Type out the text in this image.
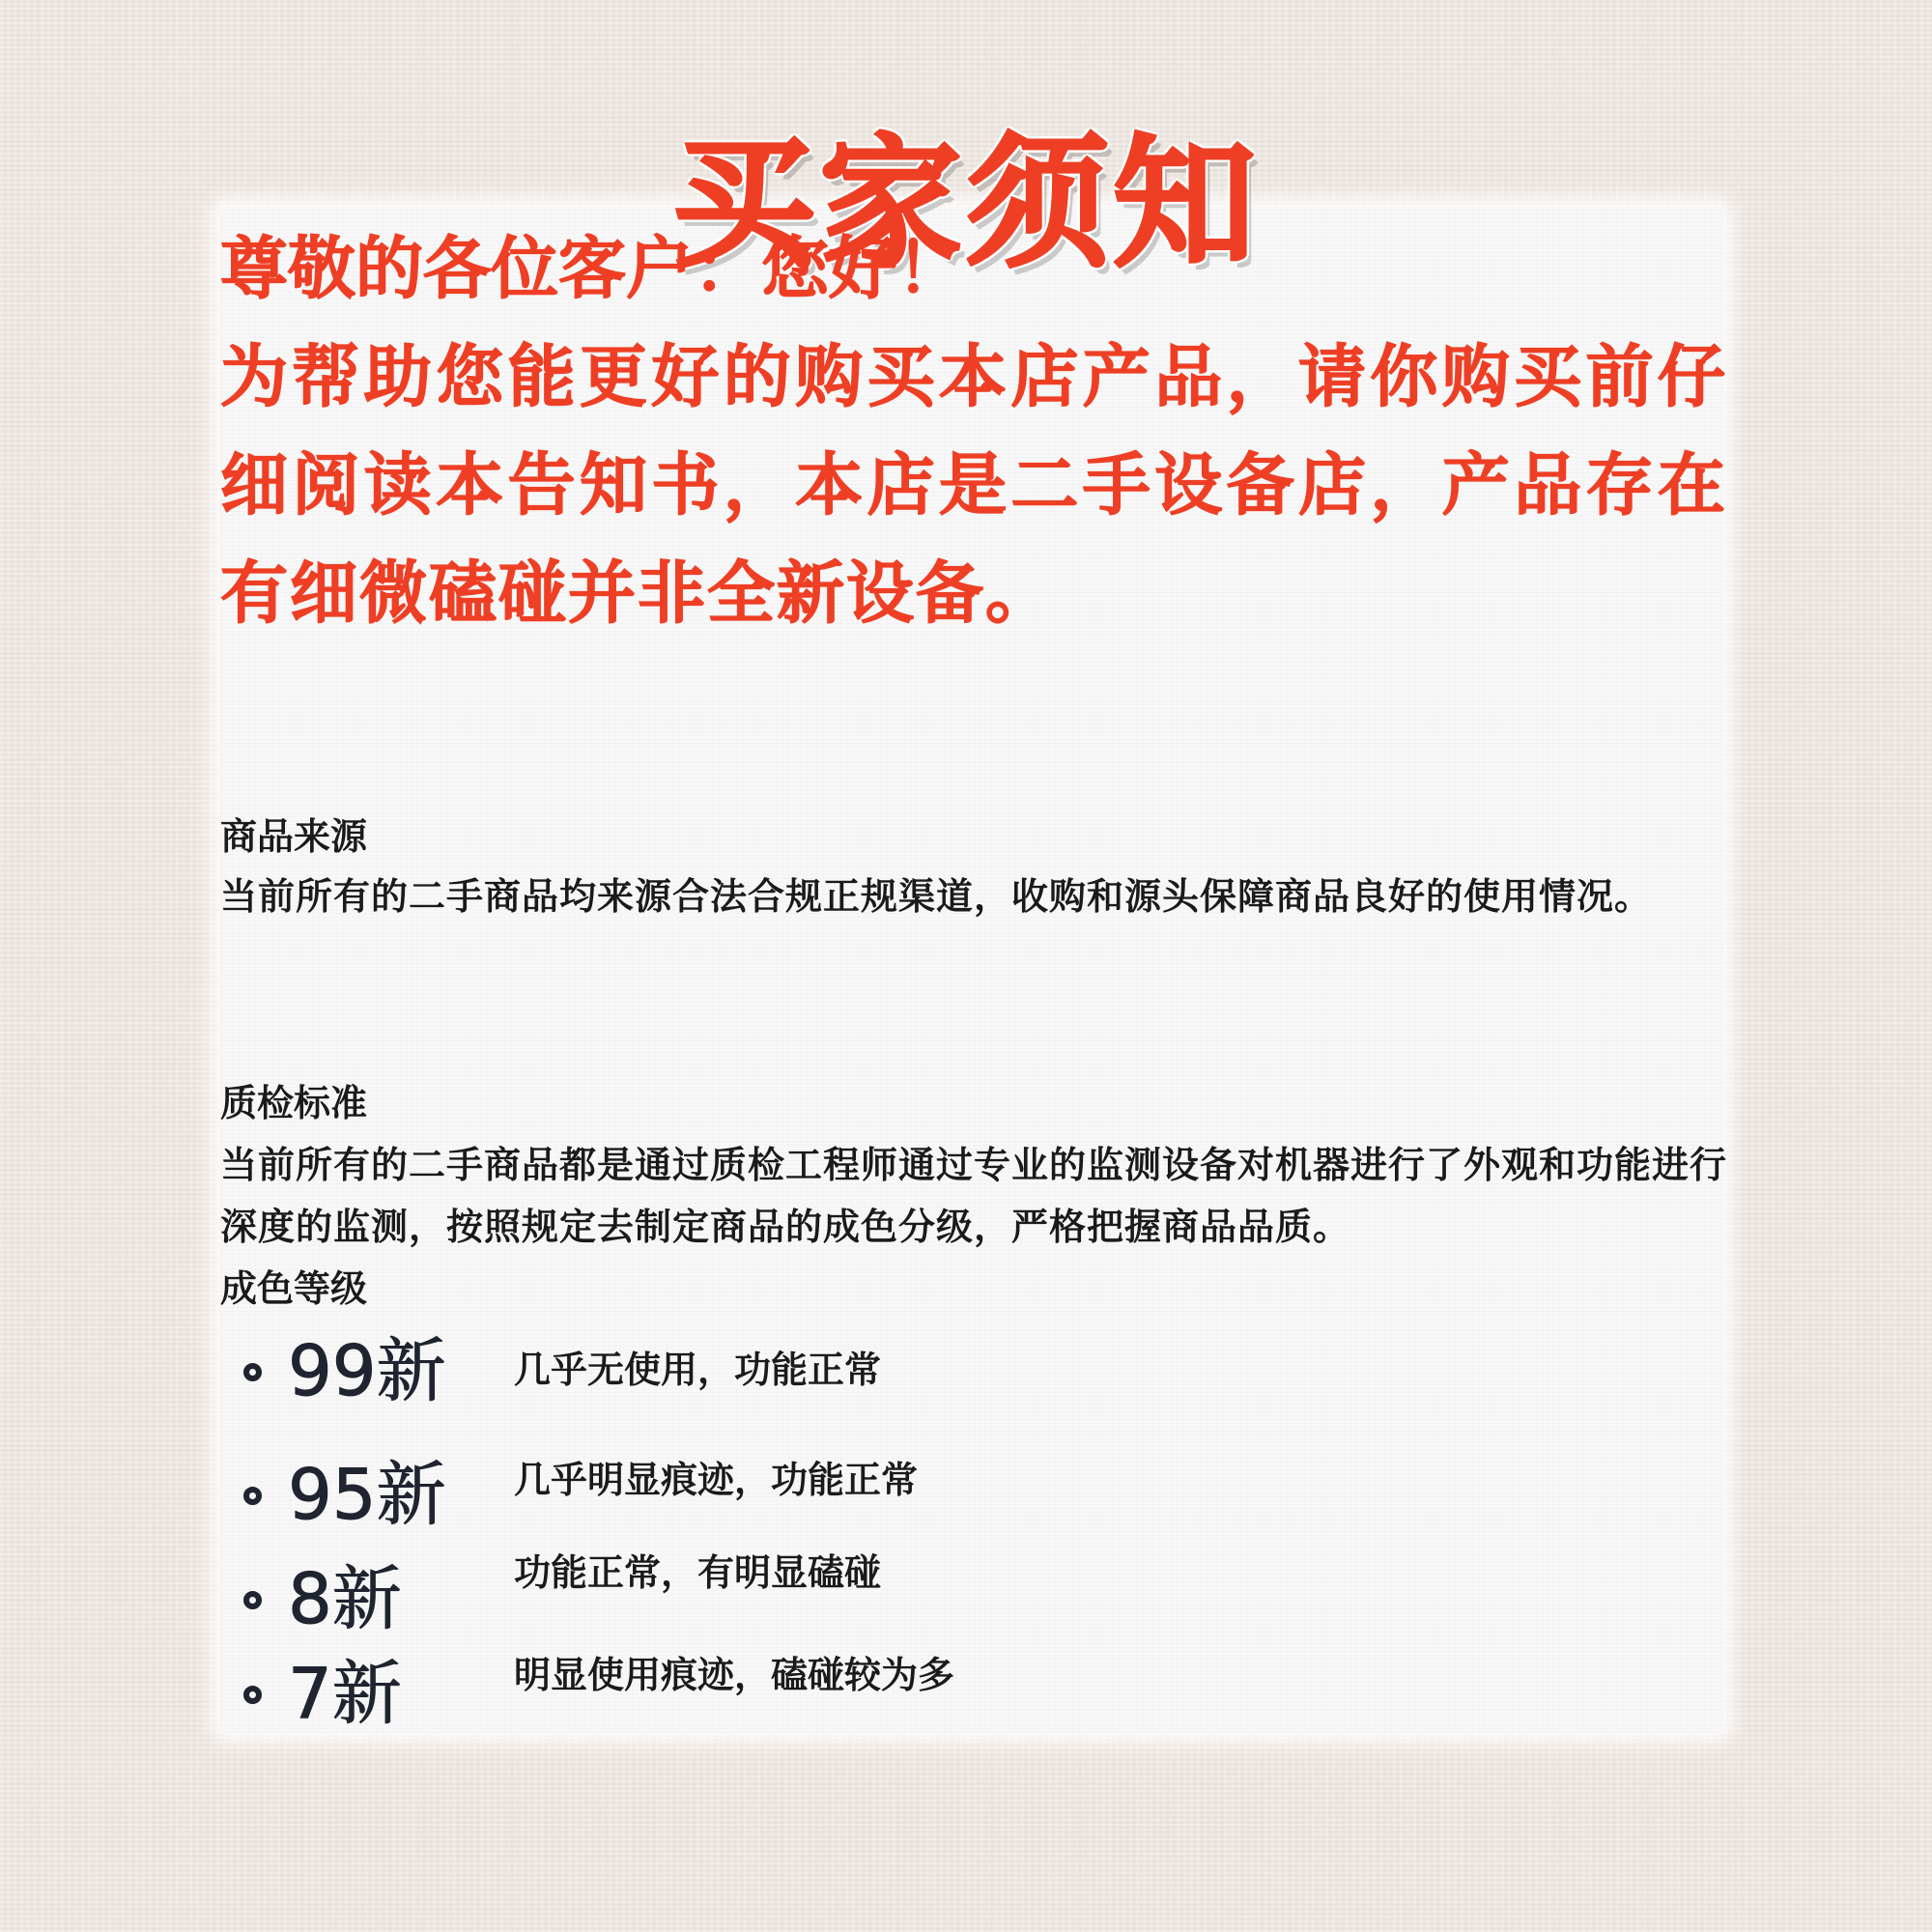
买家须知

尊敬的各位客户：您好！

为帮助您能更好的购买本店产品，请你购买前仔细阅读本告知书，本店是二手设备店，产品存在有细微磕碰并非全新设备。

商品来源

当前所有的二手商品均来源合法合规正规渠道，收购和源头保障商品良好的使用情况。

质检标准

当前所有的二手商品都是通过质检工程师通过专业的监测设备对机器进行了外观和功能进行深度的监测，按照规定去制定商品的成色分级，严格把握商品品质。

成色等级

99新 几乎无使用，功能正常
95新 几乎明显痕迹，功能正常
8新	功能正常，有明显磕碰
7新	明显使用痕迹，磕碰较为多
